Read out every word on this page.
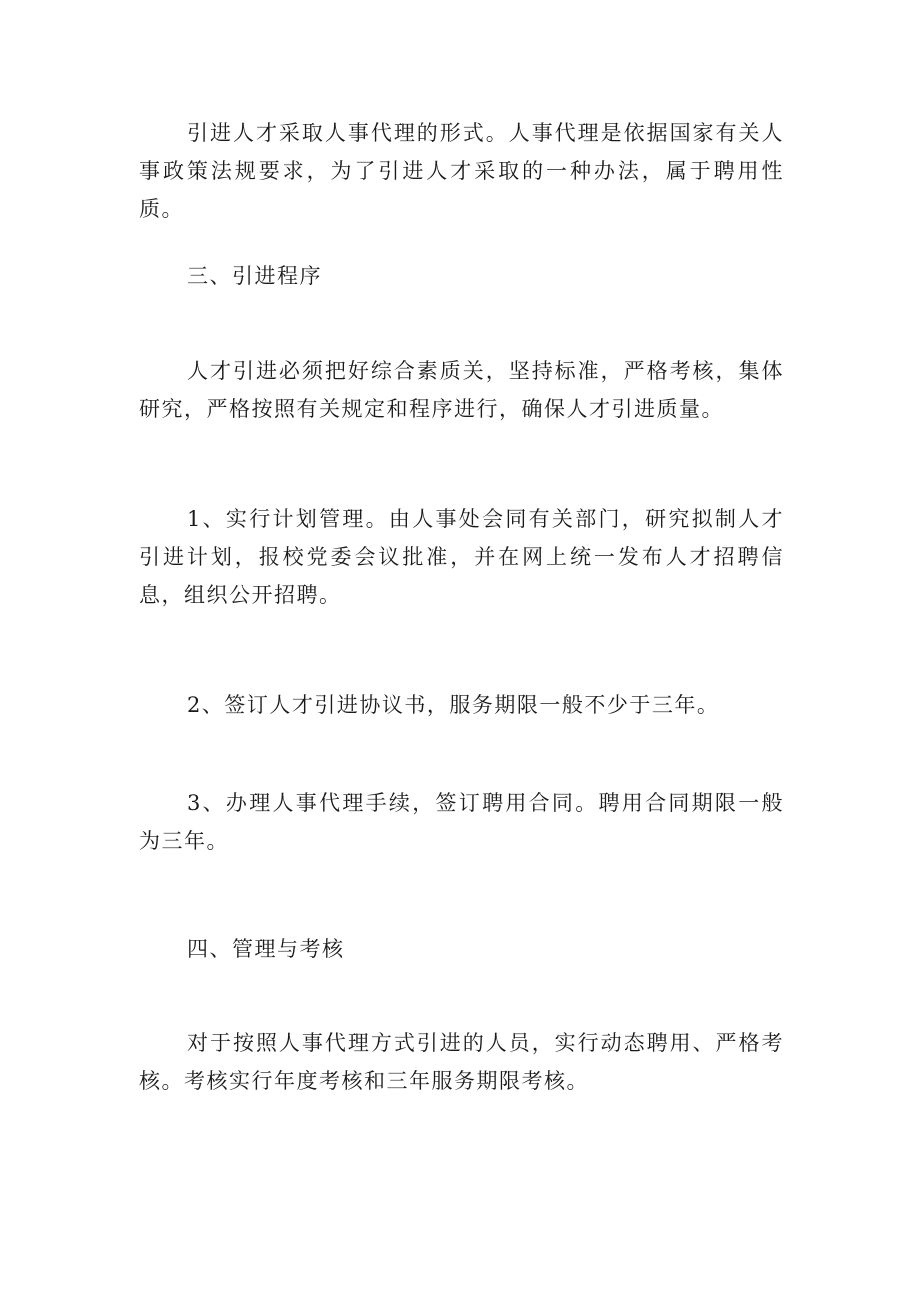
引进人才采取人事代理的形式。人事代理是依据国家有关人事政策法规要求，为了引进人才采取的一种办法，属于聘用性质。

三、引进程序

人才引进必须把好综合素质关，坚持标准，严格考核，集体研究，严格按照有关规定和程序进行，确保人才引进质量。

1、实行计划管理。由人事处会同有关部门，研究拟制人才引进计划，报校党委会议批准，并在网上统一发布人才招聘信息，组织公开招聘。

2、签订人才引进协议书，服务期限一般不少于三年。

3、办理人事代理手续，签订聘用合同。聘用合同期限一般为三年。

四、管理与考核

对于按照人事代理方式引进的人员，实行动态聘用、严格考核。考核实行年度考核和三年服务期限考核。
